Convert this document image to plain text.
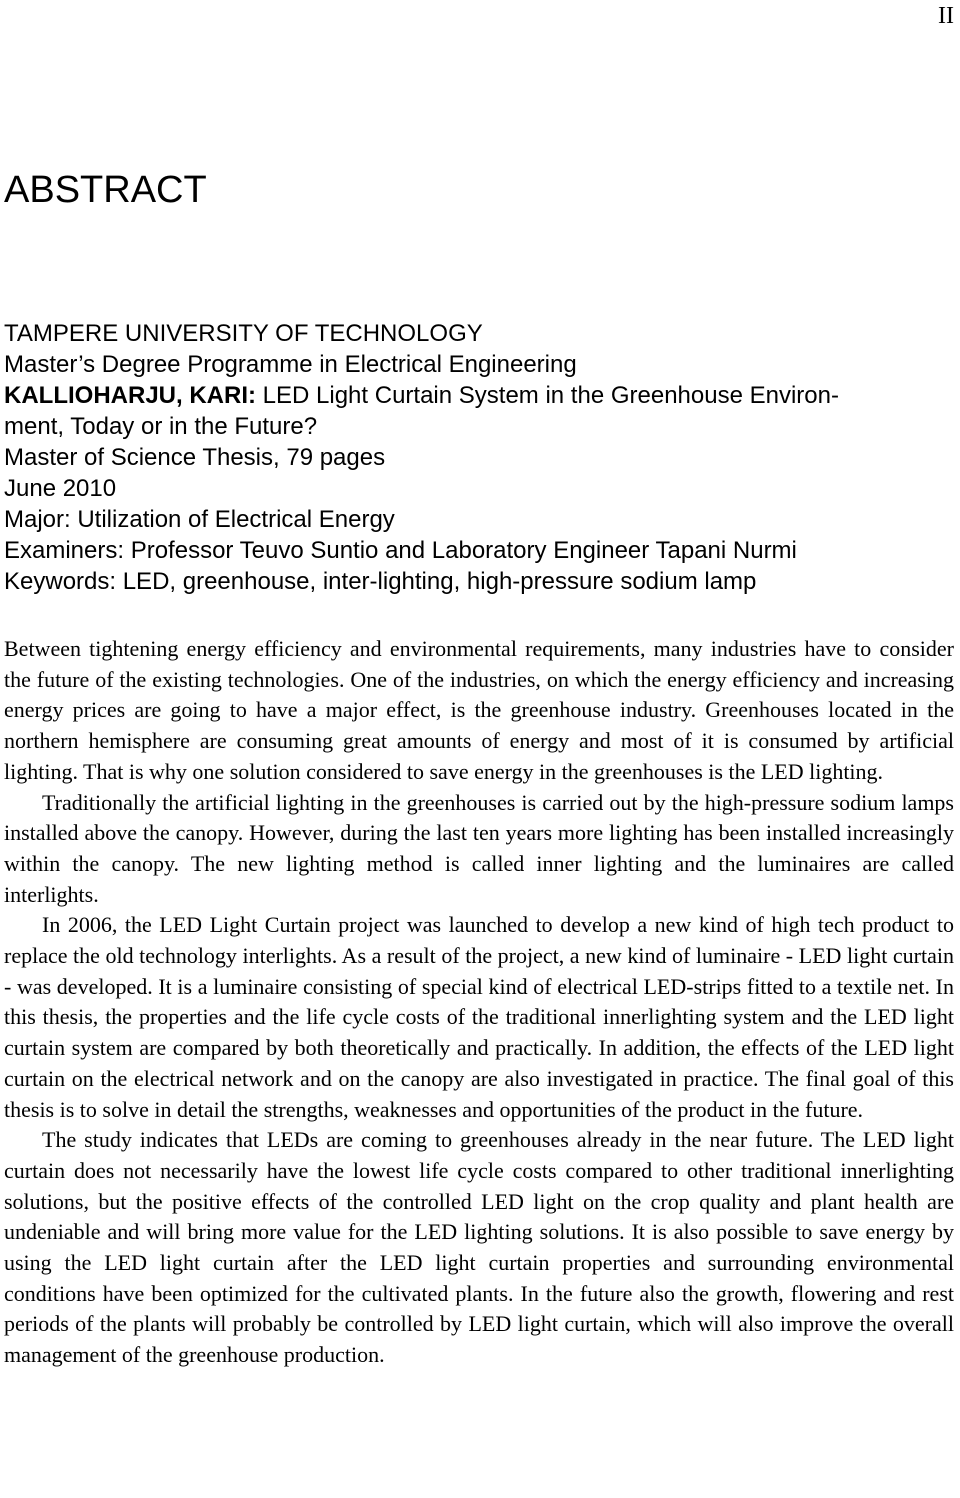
II
ABSTRACT
TAMPERE UNIVERSITY OF TECHNOLOGY
Master’s Degree Programme in Electrical Engineering
KALLIOHARJU, KARI: LED Light Curtain System in the Greenhouse Environ-
ment, Today or in the Future?
Master of Science Thesis, 79 pages
June 2010
Major: Utilization of Electrical Energy
Examiners: Professor Teuvo Suntio and Laboratory Engineer Tapani Nurmi
Keywords: LED, greenhouse, inter-lighting, high-pressure sodium lamp

Between tightening energy efficiency and environmental requirements, many industries have to consider the future of the existing technologies. One of the industries, on which the energy efficiency and increasing energy prices are going to have a major effect, is the greenhouse industry. Greenhouses located in the northern hemisphere are consuming great amounts of energy and most of it is consumed by artificial lighting. That is why one solution considered to save energy in the greenhouses is the LED lighting.

Traditionally the artificial lighting in the greenhouses is carried out by the high-pressure sodium lamps installed above the canopy. However, during the last ten years more lighting has been installed increasingly within the canopy. The new lighting method is called inner lighting and the luminaires are called interlights.

In 2006, the LED Light Curtain project was launched to develop a new kind of high tech product to replace the old technology interlights. As a result of the project, a new kind of luminaire - LED light curtain - was developed. It is a luminaire consisting of special kind of electrical LED-strips fitted to a textile net. In this thesis, the properties and the life cycle costs of the traditional innerlighting system and the LED light curtain system are compared by both theoretically and practically. In addition, the effects of the LED light curtain on the electrical network and on the canopy are also investigated in practice. The final goal of this thesis is to solve in detail the strengths, weaknesses and opportunities of the product in the future.

The study indicates that LEDs are coming to greenhouses already in the near future. The LED light curtain does not necessarily have the lowest life cycle costs compared to other traditional innerlighting solutions, but the positive effects of the controlled LED light on the crop quality and plant health are undeniable and will bring more value for the LED lighting solutions. It is also possible to save energy by using the LED light curtain after the LED light curtain properties and surrounding environmental conditions have been optimized for the cultivated plants. In the future also the growth, flowering and rest periods of the plants will probably be controlled by LED light curtain, which will also improve the overall management of the greenhouse production.
